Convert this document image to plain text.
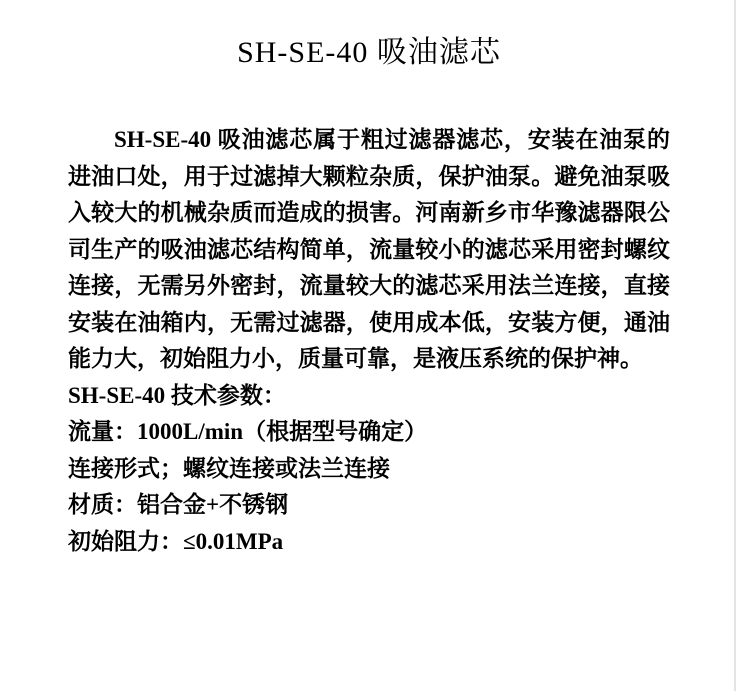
SH-SE-40 吸油滤芯

SH-SE-40 吸油滤芯属于粗过滤器滤芯，安装在油泵的进油口处，用于过滤掉大颗粒杂质，保护油泵。避免油泵吸入较大的机械杂质而造成的损害。河南新乡市华豫滤器限公司生产的吸油滤芯结构简单，流量较小的滤芯采用密封螺纹连接，无需另外密封，流量较大的滤芯采用法兰连接，直接安装在油箱内，无需过滤器，使用成本低，安装方便，通油能力大，初始阻力小，质量可靠，是液压系统的保护神。

SH-SE-40 技术参数：

流量：1000L/min（根据型号确定）

连接形式；螺纹连接或法兰连接

材质：铝合金+不锈钢

初始阻力：≤0.01MPa
